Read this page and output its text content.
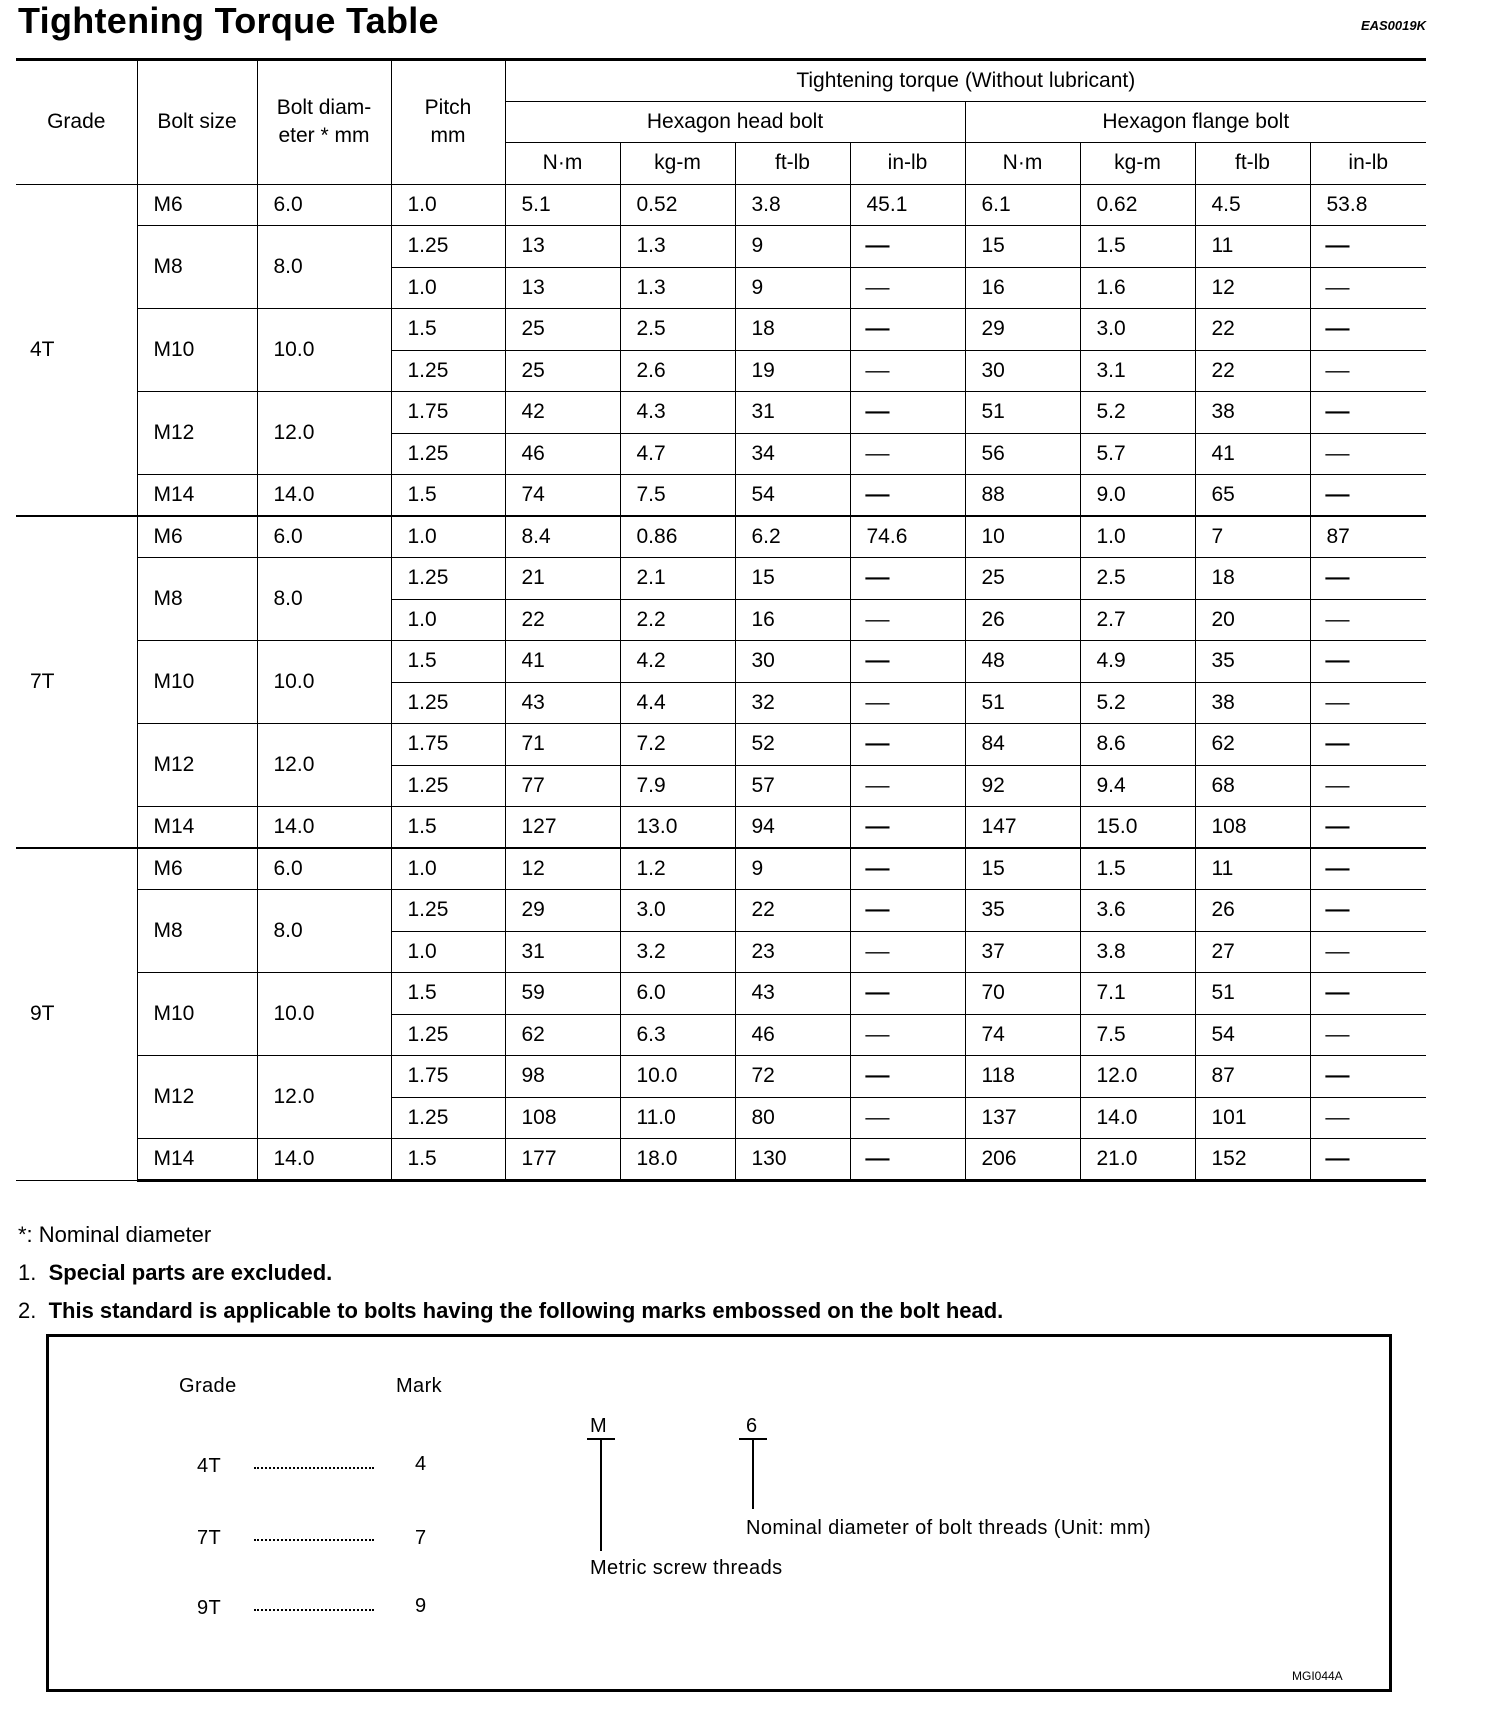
Tightening Torque Table	EAS0019K
Grade	Bolt size	Bolt diam-eter * mm	Pitch mm	Tightening torque (Without lubricant)							
				Hexagon head bolt				Hexagon flange bolt			
				N·m	kg-m	ft-lb	in-lb	N·m	kg-m	ft-lb	in-lb
4T	M6	6.0	1.0	5.1	0.52	3.8	45.1	6.1	0.62	4.5	53.8
	M8	8.0	1.25	13	1.3	9	—	15	1.5	11	—
			1.0	13	1.3	9	—	16	1.6	12	—
	M10	10.0	1.5	25	2.5	18	—	29	3.0	22	—
			1.25	25	2.6	19	—	30	3.1	22	—
	M12	12.0	1.75	42	4.3	31	—	51	5.2	38	—
			1.25	46	4.7	34	—	56	5.7	41	—
	M14	14.0	1.5	74	7.5	54	—	88	9.0	65	—
7T	M6	6.0	1.0	8.4	0.86	6.2	74.6	10	1.0	7	87
	M8	8.0	1.25	21	2.1	15	—	25	2.5	18	—
			1.0	22	2.2	16	—	26	2.7	20	—
	M10	10.0	1.5	41	4.2	30	—	48	4.9	35	—
			1.25	43	4.4	32	—	51	5.2	38	—
	M12	12.0	1.75	71	7.2	52	—	84	8.6	62	—
			1.25	77	7.9	57	—	92	9.4	68	—
	M14	14.0	1.5	127	13.0	94	—	147	15.0	108	—
9T	M6	6.0	1.0	12	1.2	9	—	15	1.5	11	—
	M8	8.0	1.25	29	3.0	22	—	35	3.6	26	—
			1.0	31	3.2	23	—	37	3.8	27	—
	M10	10.0	1.5	59	6.0	43	—	70	7.1	51	—
			1.25	62	6.3	46	—	74	7.5	54	—
	M12	12.0	1.75	98	10.0	72	—	118	12.0	87	—
			1.25	108	11.0	80	—	137	14.0	101	—
	M14	14.0	1.5	177	18.0	130	—	206	21.0	152	—
*: Nominal diameter
1. Special parts are excluded.
2. This standard is applicable to bolts having the following marks embossed on the bolt head.
Grade	Mark
4T	4
7T	7
9T	9
M
Metric screw threads
6
Nominal diameter of bolt threads (Unit: mm)
MGI044A
